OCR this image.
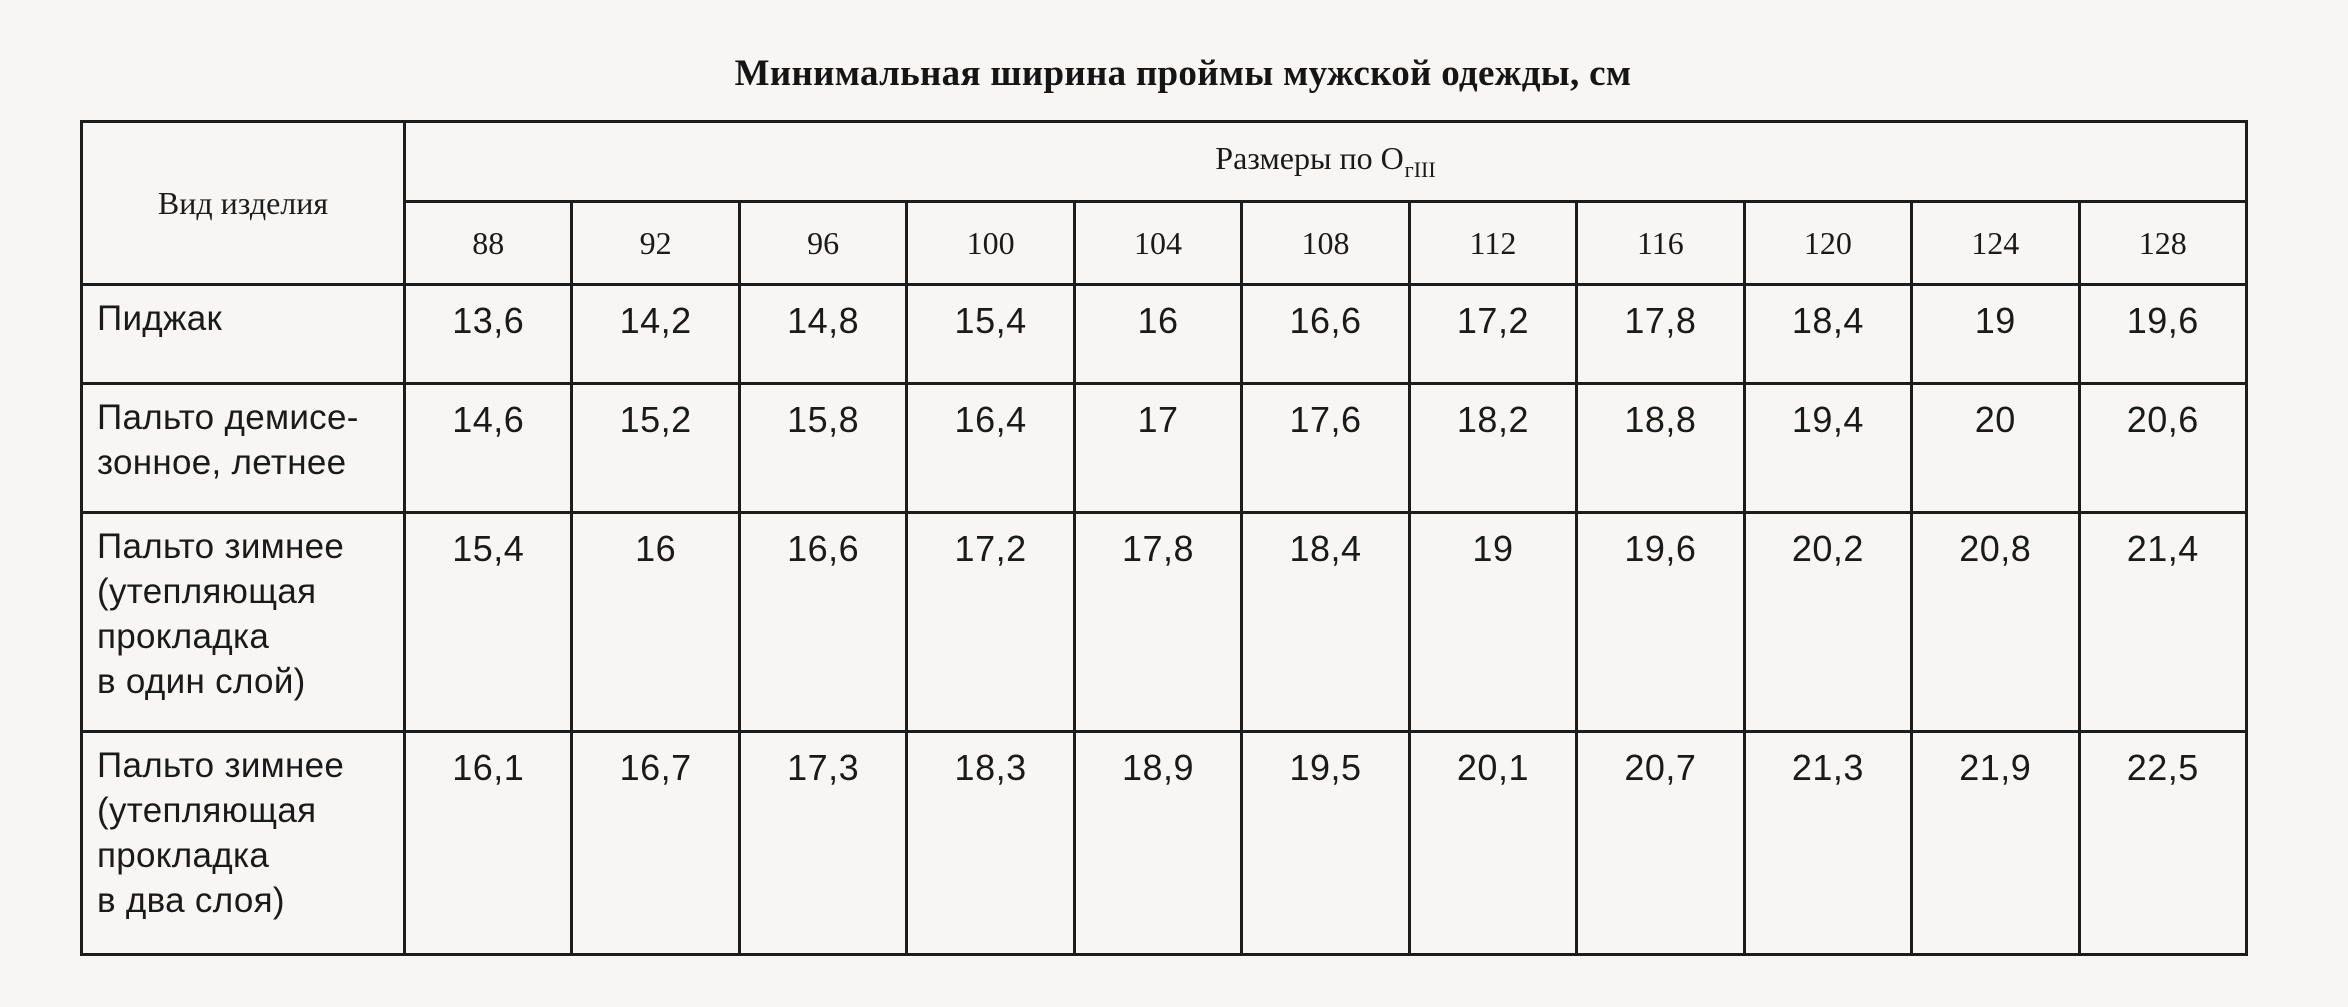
Минимальная ширина проймы мужской одежды, см
Вид изделия	Размеры по $О_{гIII}$
	88	92	96	100	104	108	112	116	120	124	128
Пиджак	13,6	14,2	14,8	15,4	16	16,6	17,2	17,8	18,4	19	19,6
Пальто демисе-
зонное, летнее	14,6	15,2	15,8	16,4	17	17,6	18,2	18,8	19,4	20	20,6
Пальто зимнее
(утепляющая
прокладка
в один слой)	15,4	16	16,6	17,2	17,8	18,4	19	19,6	20,2	20,8	21,4
Пальто зимнее
(утепляющая
прокладка
в два слоя)	16,1	16,7	17,3	18,3	18,9	19,5	20,1	20,7	21,3	21,9	22,5
